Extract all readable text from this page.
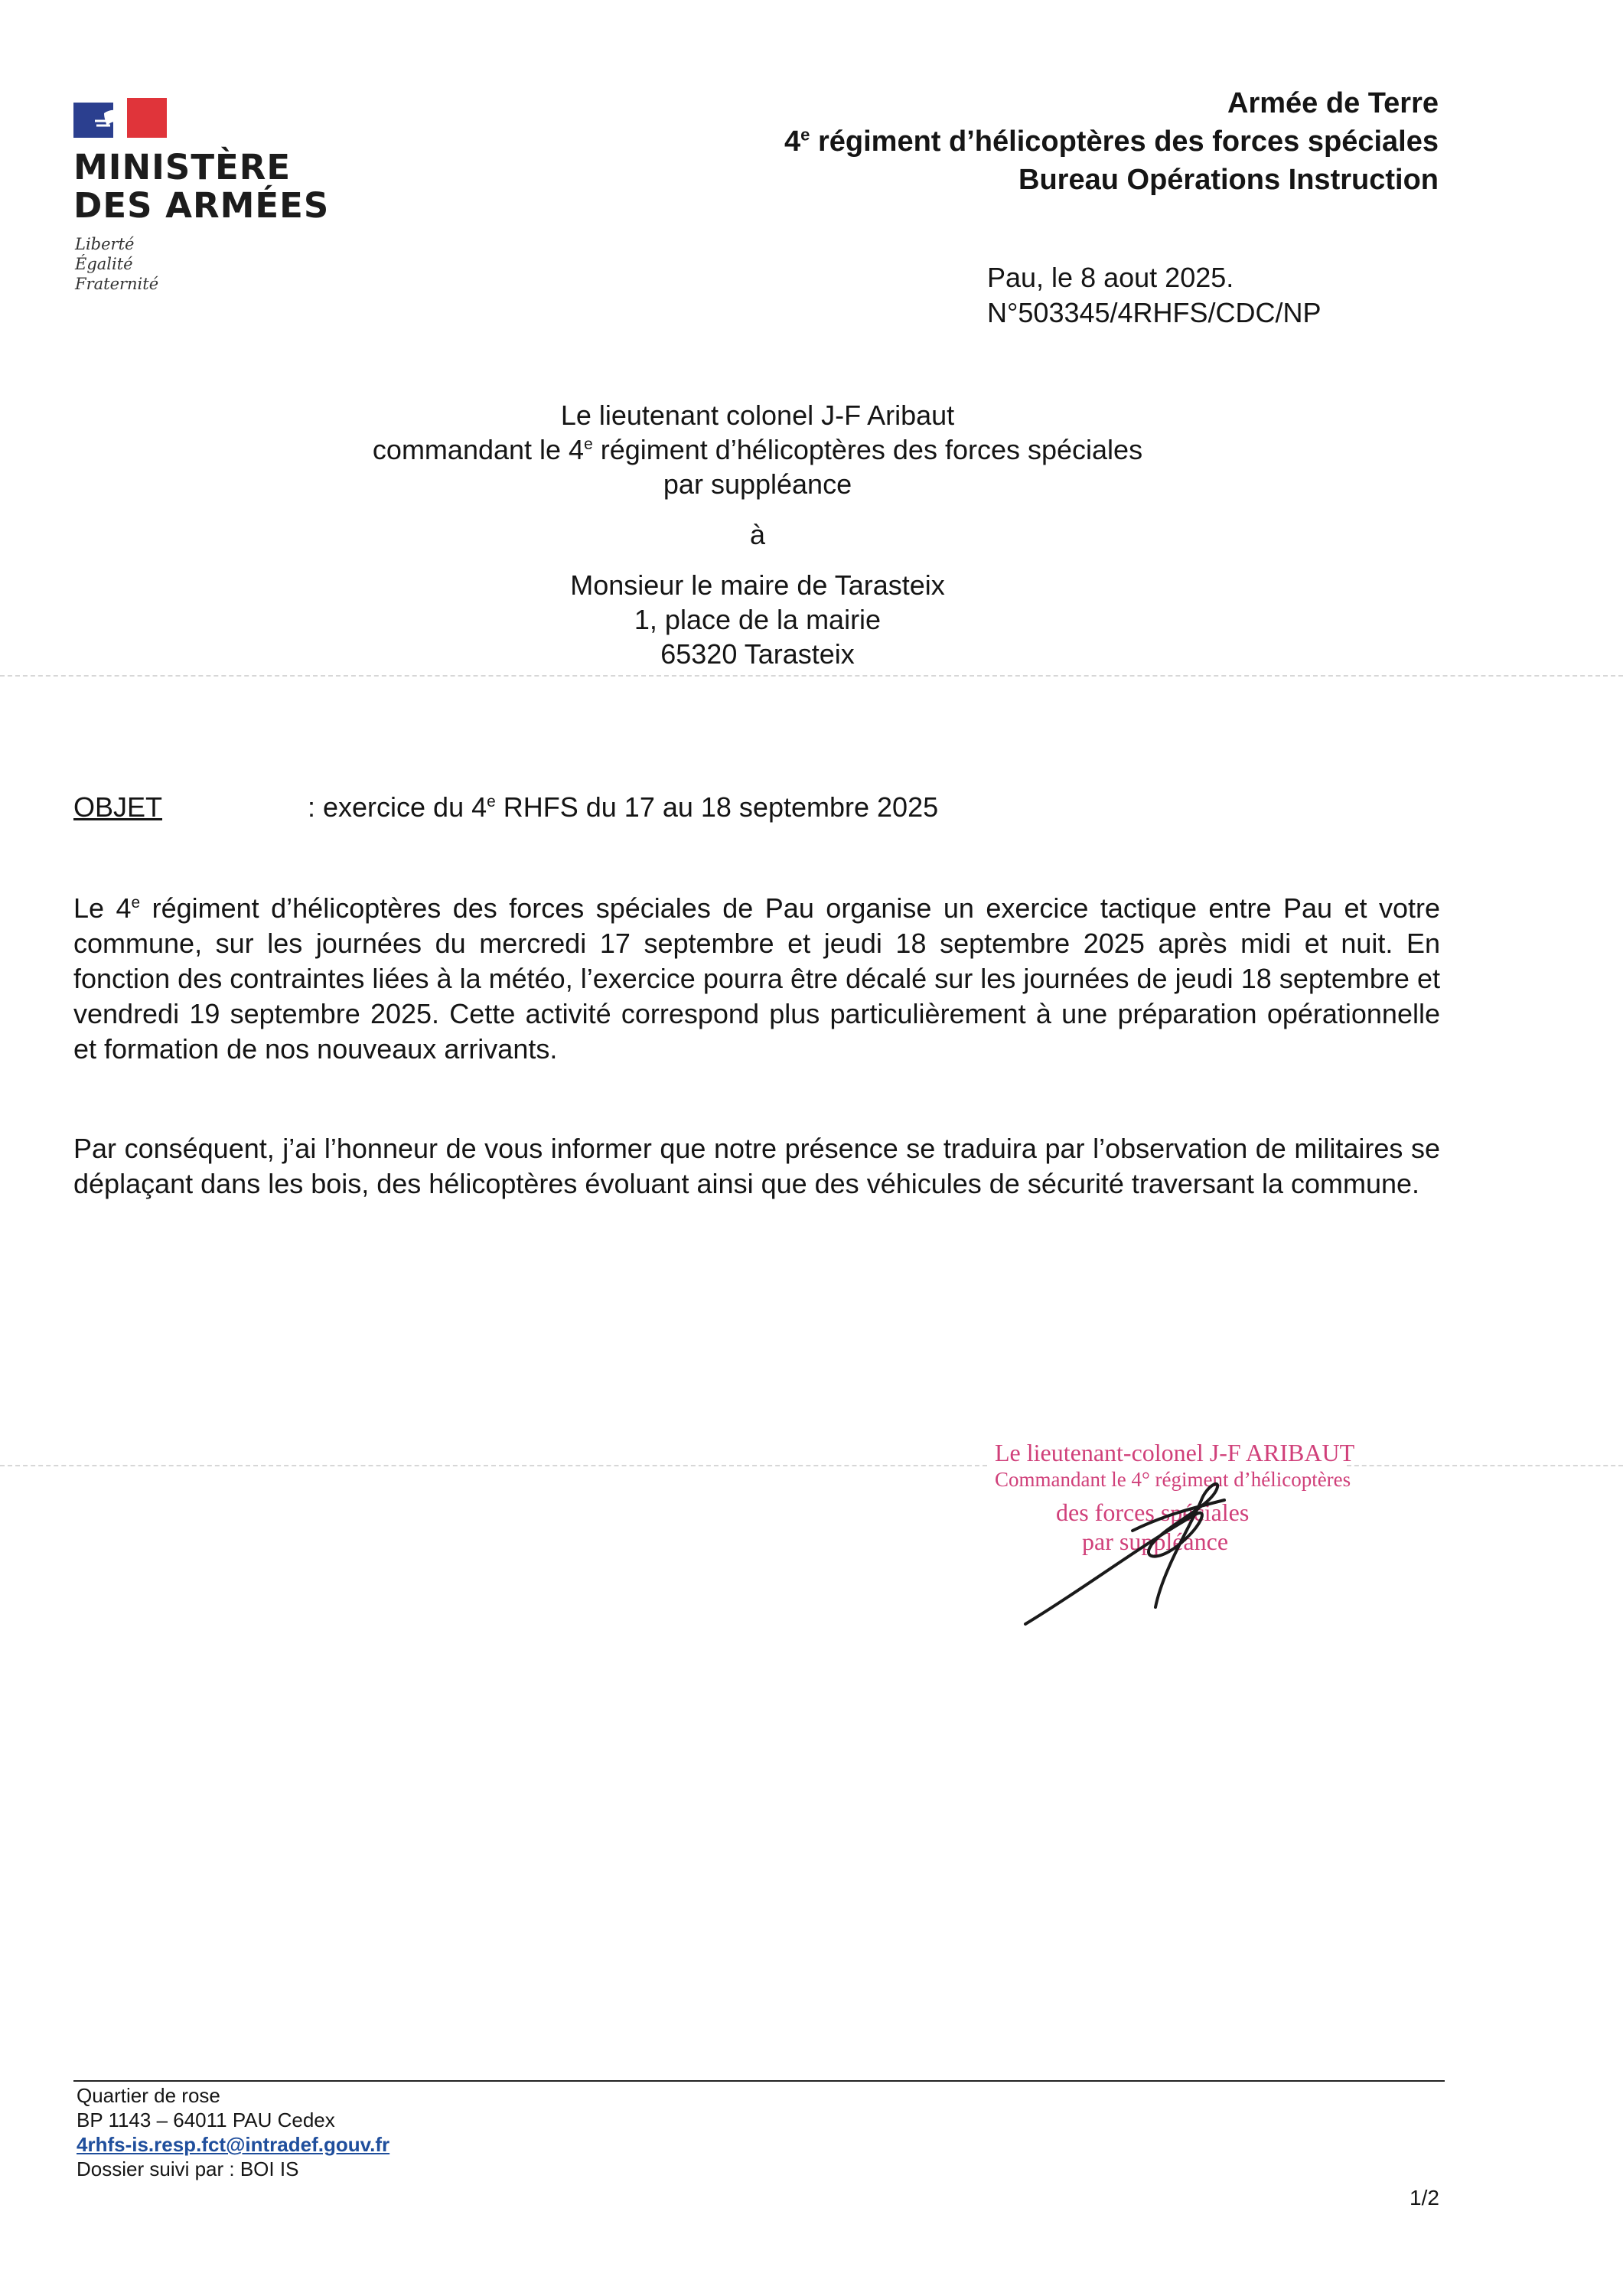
MINISTÈRE
DES ARMÉES
Liberté
Égalité
Fraternité
Armée de Terre
4e régiment d’hélicoptères des forces spéciales
Bureau Opérations Instruction
Pau, le 8 aout 2025.
N°503345/4RHFS/CDC/NP
Le lieutenant colonel J-F Aribaut
commandant le 4e régiment d’hélicoptères des forces spéciales
par suppléance
à
Monsieur le maire de Tarasteix
1, place de la mairie
65320 Tarasteix
OBJET	: exercice du 4e RHFS du 17 au 18 septembre 2025
Le 4e régiment d’hélicoptères des forces spéciales de Pau organise un exercice tactique entre Pau et votre commune, sur les journées du mercredi 17 septembre et jeudi 18 septembre 2025 après midi et nuit. En fonction des contraintes liées à la météo, l’exercice pourra être décalé sur les journées de jeudi 18 septembre et vendredi 19 septembre 2025. Cette activité correspond plus particulièrement à une préparation opérationnelle et formation de nos nouveaux arrivants.
Par conséquent, j’ai l’honneur de vous informer que notre présence se traduira par l’observation de militaires se déplaçant dans les bois, des hélicoptères évoluant ainsi que des véhicules de sécurité traversant la commune.
Le lieutenant-colonel J-F ARIBAUT
Commandant le 4° régiment d’hélicoptères
des forces spéciales
par suppléance
Quartier de rose
BP 1143 – 64011 PAU Cedex
4rhfs-is.resp.fct@intradef.gouv.fr
Dossier suivi par : BOI IS
1/2
